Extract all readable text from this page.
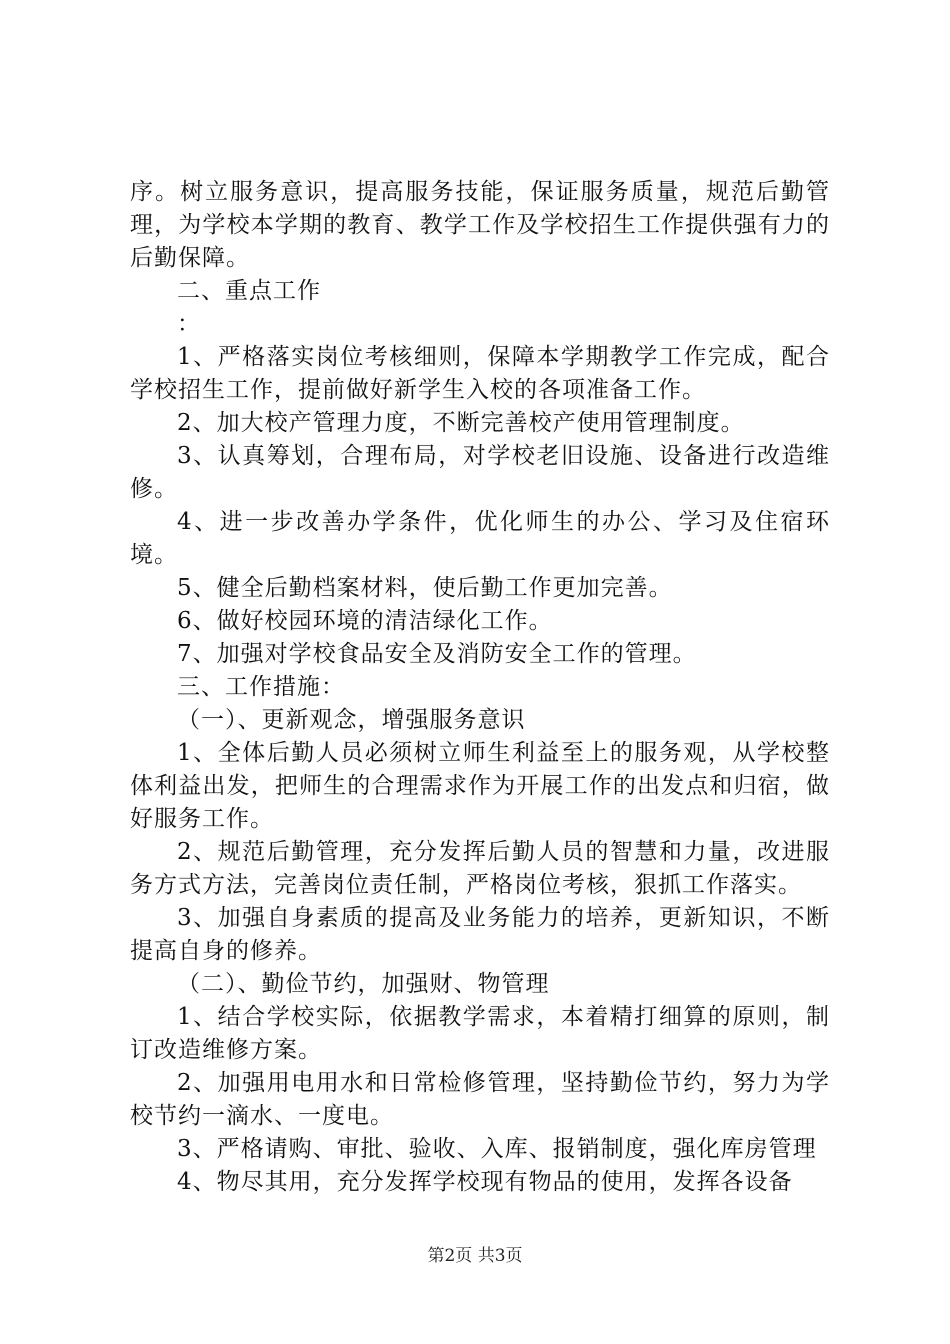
序。树立服务意识，提高服务技能，保证服务质量，规范后勤管理，为学校本学期的教育、教学工作及学校招生工作提供强有力的后勤保障。

二、重点工作

：

1、严格落实岗位考核细则，保障本学期教学工作完成，配合学校招生工作，提前做好新学生入校的各项准备工作。

2、加大校产管理力度，不断完善校产使用管理制度。

3、认真筹划，合理布局，对学校老旧设施、设备进行改造维修。

4、进一步改善办学条件，优化师生的办公、学习及住宿环境。

5、健全后勤档案材料，使后勤工作更加完善。

6、做好校园环境的清洁绿化工作。

7、加强对学校食品安全及消防安全工作的管理。

三、工作措施：

（一）、更新观念，增强服务意识

1、全体后勤人员必须树立师生利益至上的服务观，从学校整体利益出发，把师生的合理需求作为开展工作的出发点和归宿，做好服务工作。

2、规范后勤管理，充分发挥后勤人员的智慧和力量，改进服务方式方法，完善岗位责任制，严格岗位考核，狠抓工作落实。

3、加强自身素质的提高及业务能力的培养，更新知识，不断提高自身的修养。

（二）、勤俭节约，加强财、物管理

1、结合学校实际，依据教学需求，本着精打细算的原则，制订改造维修方案。

2、加强用电用水和日常检修管理，坚持勤俭节约，努力为学校节约一滴水、一度电。

3、严格请购、审批、验收、入库、报销制度，强化库房管理

4、物尽其用，充分发挥学校现有物品的使用，发挥各设备

第2页 共3页
